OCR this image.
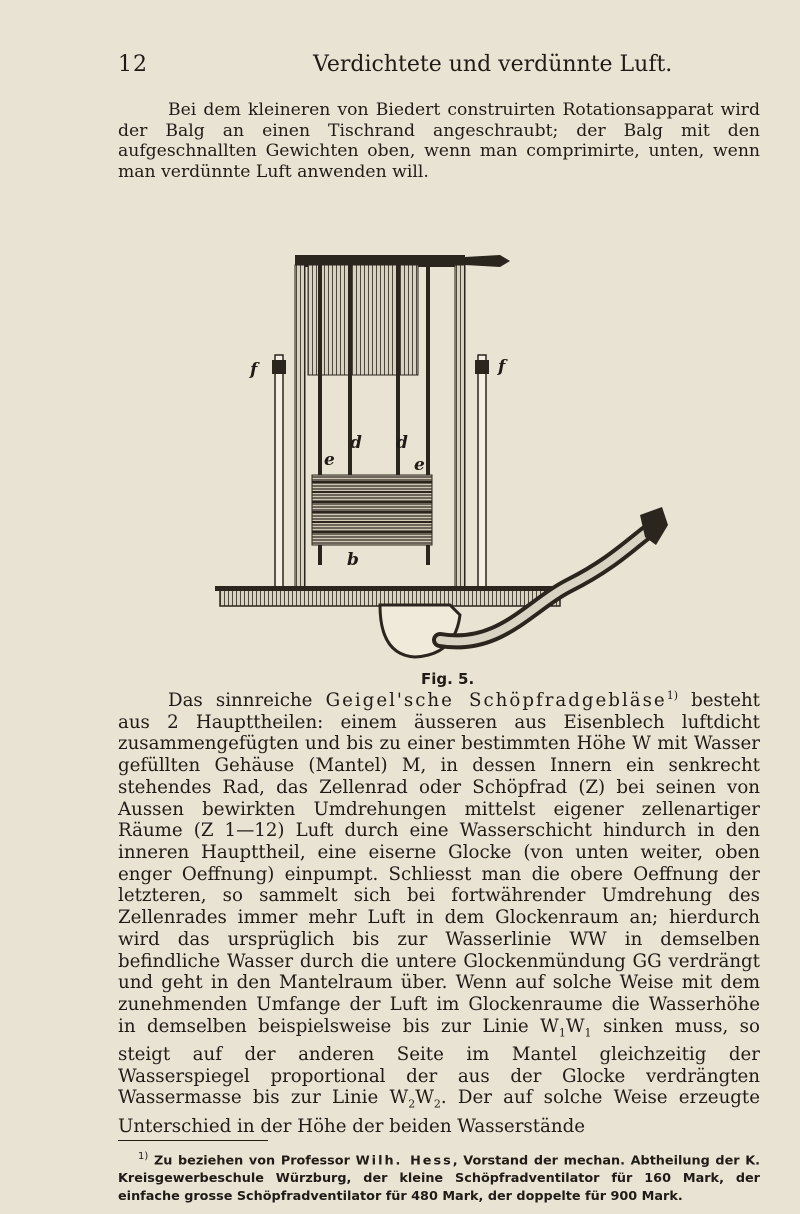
12	Verdichtete und verdünnte Luft.

Bei dem kleineren von Biedert construirten Rotationsapparat wird der Balg an einen Tischrand angeschraubt; der Balg mit den aufgeschnallten Gewichten oben, wenn man comprimirte, unten, wenn man verdünnte Luft anwenden will.

f	f
d d
e	e
b
Fig. 5.

Das sinnreiche Geigel'sche Schöpfradgebläse$^{1)}$ besteht aus 2 Haupttheilen: einem äusseren aus Eisenblech luftdicht zusammengefügten und bis zu einer bestimmten Höhe W mit Wasser gefüllten Gehäuse (Mantel) M, in dessen Innern ein senkrecht stehendes Rad, das Zellenrad oder Schöpfrad (Z) bei seinen von Aussen bewirkten Umdrehungen mittelst eigener zellenartiger Räume (Z 1—12) Luft durch eine Wasserschicht hindurch in den inneren Haupttheil, eine eiserne Glocke (von unten weiter, oben enger Oeffnung) einpumpt. Schliesst man die obere Oeffnung der letzteren, so sammelt sich bei fortwährender Umdrehung des Zellenrades immer mehr Luft in dem Glockenraum an; hierdurch wird das ursprüglich bis zur Wasserlinie WW in demselben befindliche Wasser durch die untere Glockenmündung GG verdrängt und geht in den Mantelraum über. Wenn auf solche Weise mit dem zunehmenden Umfange der Luft im Glockenraume die Wasserhöhe in demselben beispielsweise bis zur Linie $W_1W_1$ sinken muss, so steigt auf der anderen Seite im Mantel gleichzeitig der Wasserspiegel proportional der aus der Glocke verdrängten Wassermasse bis zur Linie $W_2W_2$. Der auf solche Weise erzeugte Unterschied in der Höhe der beiden Wasserstände

$^{1)}$ Zu beziehen von Professor Wilh. Hess, Vorstand der mechan. Abtheilung der K. Kreisgewerbeschule Würzburg, der kleine Schöpfradventilator für 160 Mark, der einfache grosse Schöpfradventilator für 480 Mark, der doppelte für 900 Mark.
